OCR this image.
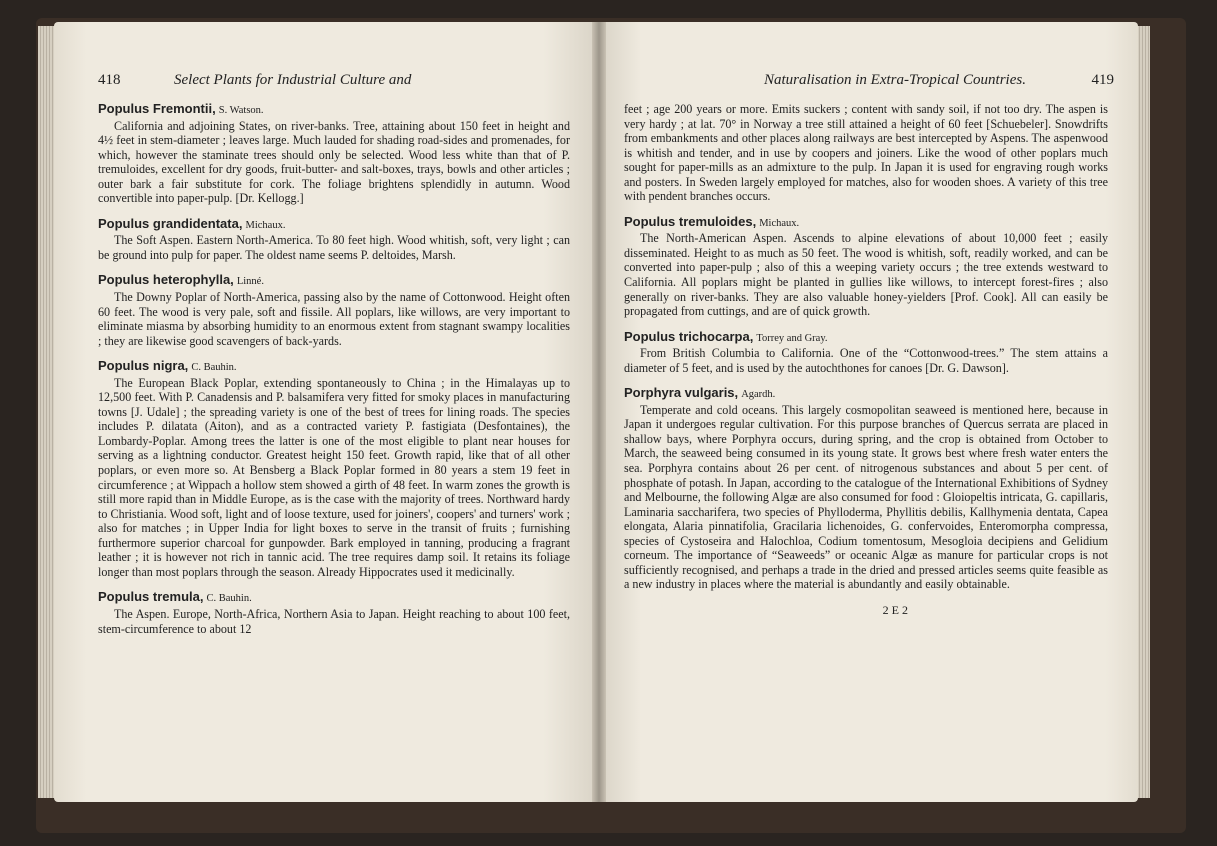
418	Select Plants for Industrial Culture and
Populus Fremontii, S. Watson.
California and adjoining States, on river-banks. Tree, attaining about 150 feet in height and 4½ feet in stem-diameter ; leaves large. Much lauded for shading road-sides and promenades, for which, however the staminate trees should only be selected. Wood less white than that of P. tremuloides, excellent for dry goods, fruit-butter- and salt-boxes, trays, bowls and other articles ; outer bark a fair substitute for cork. The foliage brightens splendidly in autumn. Wood convertible into paper-pulp. [Dr. Kellogg.]
Populus grandidentata, Michaux.
The Soft Aspen. Eastern North-America. To 80 feet high. Wood whitish, soft, very light ; can be ground into pulp for paper. The oldest name seems P. deltoides, Marsh.
Populus heterophylla, Linné.
The Downy Poplar of North-America, passing also by the name of Cottonwood. Height often 60 feet. The wood is very pale, soft and fissile. All poplars, like willows, are very important to eliminate miasma by absorbing humidity to an enormous extent from stagnant swampy localities ; they are likewise good scavengers of back-yards.
Populus nigra, C. Bauhin.
The European Black Poplar, extending spontaneously to China ; in the Himalayas up to 12,500 feet. With P. Canadensis and P. balsamifera very fitted for smoky places in manufacturing towns [J. Udale] ; the spreading variety is one of the best of trees for lining roads. The species includes P. dilatata (Aiton), and as a contracted variety P. fastigiata (Desfontaines), the Lombardy-Poplar. Among trees the latter is one of the most eligible to plant near houses for serving as a lightning conductor. Greatest height 150 feet. Growth rapid, like that of all other poplars, or even more so. At Bensberg a Black Poplar formed in 80 years a stem 19 feet in circumference ; at Wippach a hollow stem showed a girth of 48 feet. In warm zones the growth is still more rapid than in Middle Europe, as is the case with the majority of trees. Northward hardy to Christiania. Wood soft, light and of loose texture, used for joiners', coopers' and turners' work ; also for matches ; in Upper India for light boxes to serve in the transit of fruits ; furnishing furthermore superior charcoal for gunpowder. Bark employed in tanning, producing a fragrant leather ; it is however not rich in tannic acid. The tree requires damp soil. It retains its foliage longer than most poplars through the season. Already Hippocrates used it medicinally.
Populus tremula, C. Bauhin.
The Aspen. Europe, North-Africa, Northern Asia to Japan. Height reaching to about 100 feet, stem-circumference to about 12
Naturalisation in Extra-Tropical Countries.	419
feet ; age 200 years or more. Emits suckers ; content with sandy soil, if not too dry. The aspen is very hardy ; at lat. 70° in Norway a tree still attained a height of 60 feet [Schuebeler]. Snowdrifts from embankments and other places along railways are best intercepted by Aspens. The aspenwood is whitish and tender, and in use by coopers and joiners. Like the wood of other poplars much sought for paper-mills as an admixture to the pulp. In Japan it is used for engraving rough works and posters. In Sweden largely employed for matches, also for wooden shoes. A variety of this tree with pendent branches occurs.
Populus tremuloides, Michaux.
The North-American Aspen. Ascends to alpine elevations of about 10,000 feet ; easily disseminated. Height to as much as 50 feet. The wood is whitish, soft, readily worked, and can be converted into paper-pulp ; also of this a weeping variety occurs ; the tree extends westward to California. All poplars might be planted in gullies like willows, to intercept forest-fires ; also generally on river-banks. They are also valuable honey-yielders [Prof. Cook]. All can easily be propagated from cuttings, and are of quick growth.
Populus trichocarpa, Torrey and Gray.
From British Columbia to California. One of the “Cottonwood-trees.” The stem attains a diameter of 5 feet, and is used by the autochthones for canoes [Dr. G. Dawson].
Porphyra vulgaris, Agardh.
Temperate and cold oceans. This largely cosmopolitan seaweed is mentioned here, because in Japan it undergoes regular cultivation. For this purpose branches of Quercus serrata are placed in shallow bays, where Porphyra occurs, during spring, and the crop is obtained from October to March, the seaweed being consumed in its young state. It grows best where fresh water enters the sea. Porphyra contains about 26 per cent. of nitrogenous substances and about 5 per cent. of phosphate of potash. In Japan, according to the catalogue of the International Exhibitions of Sydney and Melbourne, the following Algæ are also consumed for food : Gloiopeltis intricata, G. capillaris, Laminaria saccharifera, two species of Phylloderma, Phyllitis debilis, Kallhymenia dentata, Capea elongata, Alaria pinnatifolia, Gracilaria lichenoides, G. confervoides, Enteromorpha compressa, species of Cystoseira and Halochloa, Codium tomentosum, Mesogloia decipiens and Gelidium corneum. The importance of “Seaweeds” or oceanic Algæ as manure for particular crops is not sufficiently recognised, and perhaps a trade in the dried and pressed articles seems quite feasible as a new industry in places where the material is abundantly and easily obtainable.
2 E 2
